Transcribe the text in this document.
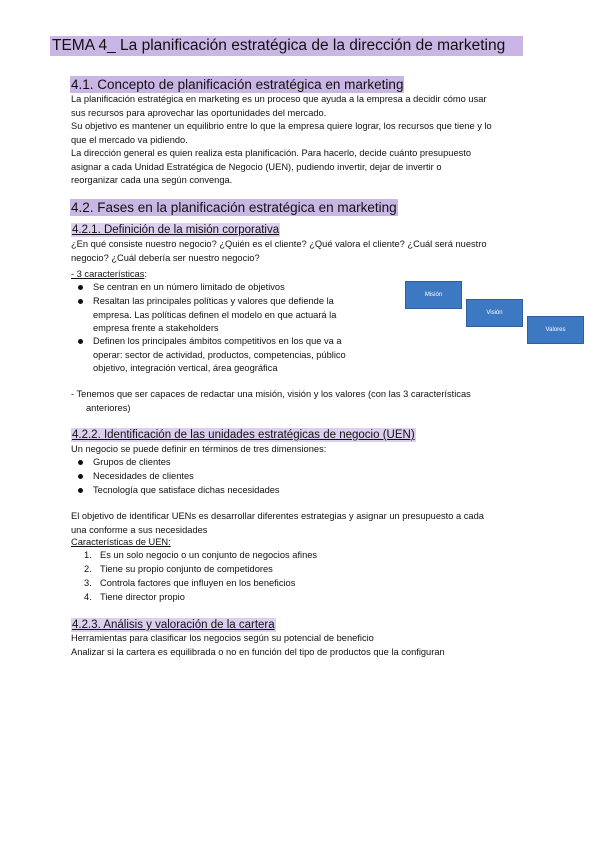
TEMA 4_ La planificación estratégica de la dirección de marketing
4.1. Concepto de planificación estratégica en marketing
La planificación estratégica en marketing es un proceso que ayuda a la empresa a decidir cómo usar
sus recursos para aprovechar las oportunidades del mercado.
Su objetivo es mantener un equilibrio entre lo que la empresa quiere lograr, los recursos que tiene y lo
que el mercado va pidiendo.
La dirección general es quien realiza esta planificación. Para hacerlo, decide cuánto presupuesto
asignar a cada Unidad Estratégica de Negocio (UEN), pudiendo invertir, dejar de invertir o
reorganizar cada una según convenga.
4.2. Fases en la planificación estratégica en marketing
4.2.1. Definición de la misión corporativa
¿En qué consiste nuestro negocio? ¿Quién es el cliente? ¿Qué valora el cliente? ¿Cuál será nuestro
negocio? ¿Cuál debería ser nuestro negocio?
- 3 características:
Se centran en un número limitado de objetivos
Resaltan las principales políticas y valores que defiende la
empresa. Las políticas definen el modelo en que actuará la
empresa frente a stakeholders
Definen los principales ámbitos competitivos en los que va a
operar: sector de actividad, productos, competencias, público
objetivo, integración vertical, área geográfica
Misión
Visión
Valores
- Tenemos que ser capaces de redactar una misión, visión y los valores (con las 3 características
anteriores)
4.2.2. Identificación de las unidades estratégicas de negocio (UEN)
Un negocio se puede definir en términos de tres dimensiones:
Grupos de clientes
Necesidades de clientes
Tecnología que satisface dichas necesidades
El objetivo de identificar UENs es desarrollar diferentes estrategias y asignar un presupuesto a cada
una conforme a sus necesidades
Características de UEN:
1. Es un solo negocio o un conjunto de negocios afines
2. Tiene su propio conjunto de competidores
3. Controla factores que influyen en los beneficios
4. Tiene director propio
4.2.3. Análisis y valoración de la cartera
Herramientas para clasificar los negocios según su potencial de beneficio
Analizar si la cartera es equilibrada o no en función del tipo de productos que la configuran
